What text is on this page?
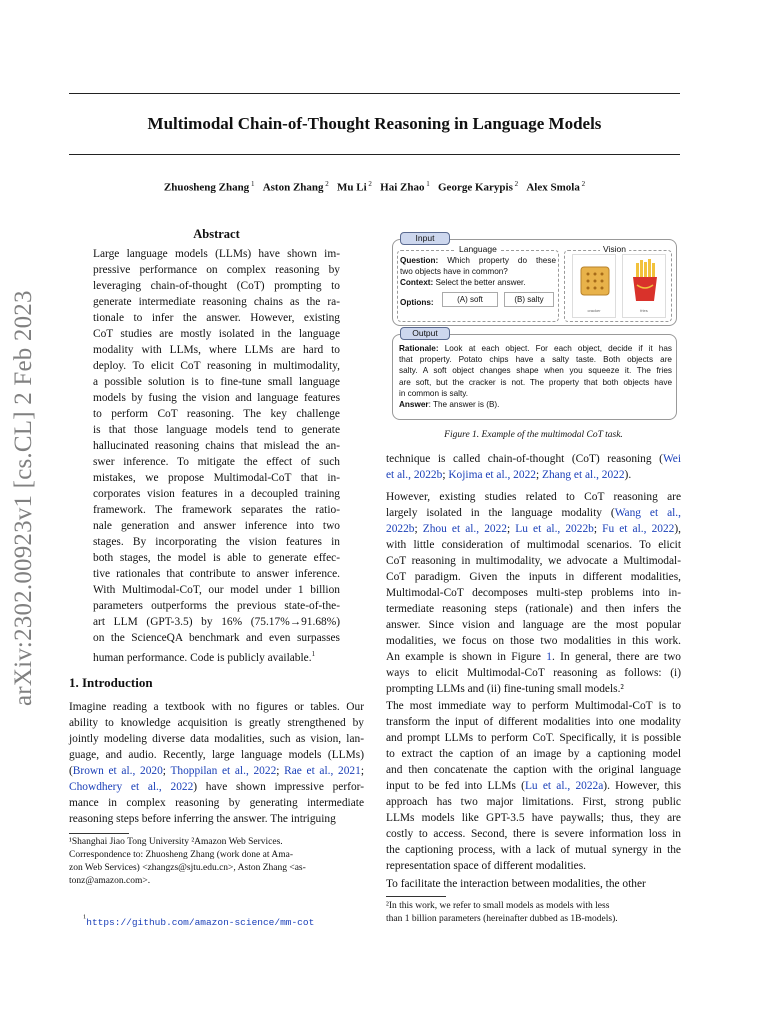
arXiv:2302.00923v1 [cs.CL] 2 Feb 2023
Multimodal Chain-of-Thought Reasoning in Language Models
Zhuosheng Zhang $^1$ Aston Zhang $^2$ Mu Li $^2$ Hai Zhao $^1$ George Karypis $^2$ Alex Smola $^2$
Abstract
Large language models (LLMs) have shown im-
pressive performance on complex reasoning by
leveraging chain-of-thought (CoT) prompting to
generate intermediate reasoning chains as the ra-
tionale to infer the answer. However, existing
CoT studies are mostly isolated in the language
modality with LLMs, where LLMs are hard to
deploy. To elicit CoT reasoning in multimodality,
a possible solution is to fine-tune small language
models by fusing the vision and language features
to perform CoT reasoning. The key challenge
is that those language models tend to generate
hallucinated reasoning chains that mislead the an-
swer inference. To mitigate the effect of such
mistakes, we propose Multimodal-CoT that in-
corporates vision features in a decoupled training
framework. The framework separates the ratio-
nale generation and answer inference into two
stages. By incorporating the vision features in
both stages, the model is able to generate effec-
tive rationales that contribute to answer inference.
With Multimodal-CoT, our model under 1 billion
parameters outperforms the previous state-of-the-
art LLM (GPT-3.5) by 16% (75.17%→91.68%)
on the ScienceQA benchmark and even surpasses
human performance. Code is publicly available.$^1$
1. Introduction
Imagine reading a textbook with no figures or tables. Our
ability to knowledge acquisition is greatly strengthened by
jointly modeling diverse data modalities, such as vision, lan-
guage, and audio. Recently, large language models (LLMs)
(Brown et al., 2020; Thoppilan et al., 2022; Rae et al., 2021;
Chowdhery et al., 2022) have shown impressive perfor-
mance in complex reasoning by generating intermediate
reasoning steps before inferring the answer. The intriguing
¹Shanghai Jiao Tong University ²Amazon Web Services.
Correspondence to: Zhuosheng Zhang (work done at Ama-
zon Web Services) <zhangzs@sjtu.edu.cn>, Aston Zhang <as-
tonz@amazon.com>.
$^1$https://github.com/amazon-science/mm-cot
Input
Language
Question: Which property do these
two objects have in common?
Context: Select the better answer.
Options:	(A) soft	(B) salty
Vision
cracker	fries
Output
Rationale: Look at each object. For each object, decide if it has
that property. Potato chips have a salty taste. Both objects are
salty. A soft object changes shape when you squeeze it. The fries
are soft, but the cracker is not. The property that both objects have
in common is salty.
Answer: The answer is (B).
Figure 1. Example of the multimodal CoT task.
technique is called chain-of-thought (CoT) reasoning (Wei
et al., 2022b; Kojima et al., 2022; Zhang et al., 2022).
However, existing studies related to CoT reasoning are
largely isolated in the language modality (Wang et al.,
2022b; Zhou et al., 2022; Lu et al., 2022b; Fu et al., 2022),
with little consideration of multimodal scenarios. To elicit
CoT reasoning in multimodality, we advocate a Multimodal-
CoT paradigm. Given the inputs in different modalities,
Multimodal-CoT decomposes multi-step problems into in-
termediate reasoning steps (rationale) and then infers the
answer. Since vision and language are the most popular
modalities, we focus on those two modalities in this work.
An example is shown in Figure 1. In general, there are two
ways to elicit Multimodal-CoT reasoning as follows: (i)
prompting LLMs and (ii) fine-tuning small models.²
The most immediate way to perform Multimodal-CoT is to
transform the input of different modalities into one modality
and prompt LLMs to perform CoT. Specifically, it is possible
to extract the caption of an image by a captioning model
and then concatenate the caption with the original language
input to be fed into LLMs (Lu et al., 2022a). However, this
approach has two major limitations. First, strong public
LLMs models like GPT-3.5 have paywalls; thus, they are
costly to access. Second, there is severe information loss in
the captioning process, with a lack of mutual synergy in the
representation space of different modalities.
To facilitate the interaction between modalities, the other
²In this work, we refer to small models as models with less
than 1 billion parameters (hereinafter dubbed as 1B-models).
